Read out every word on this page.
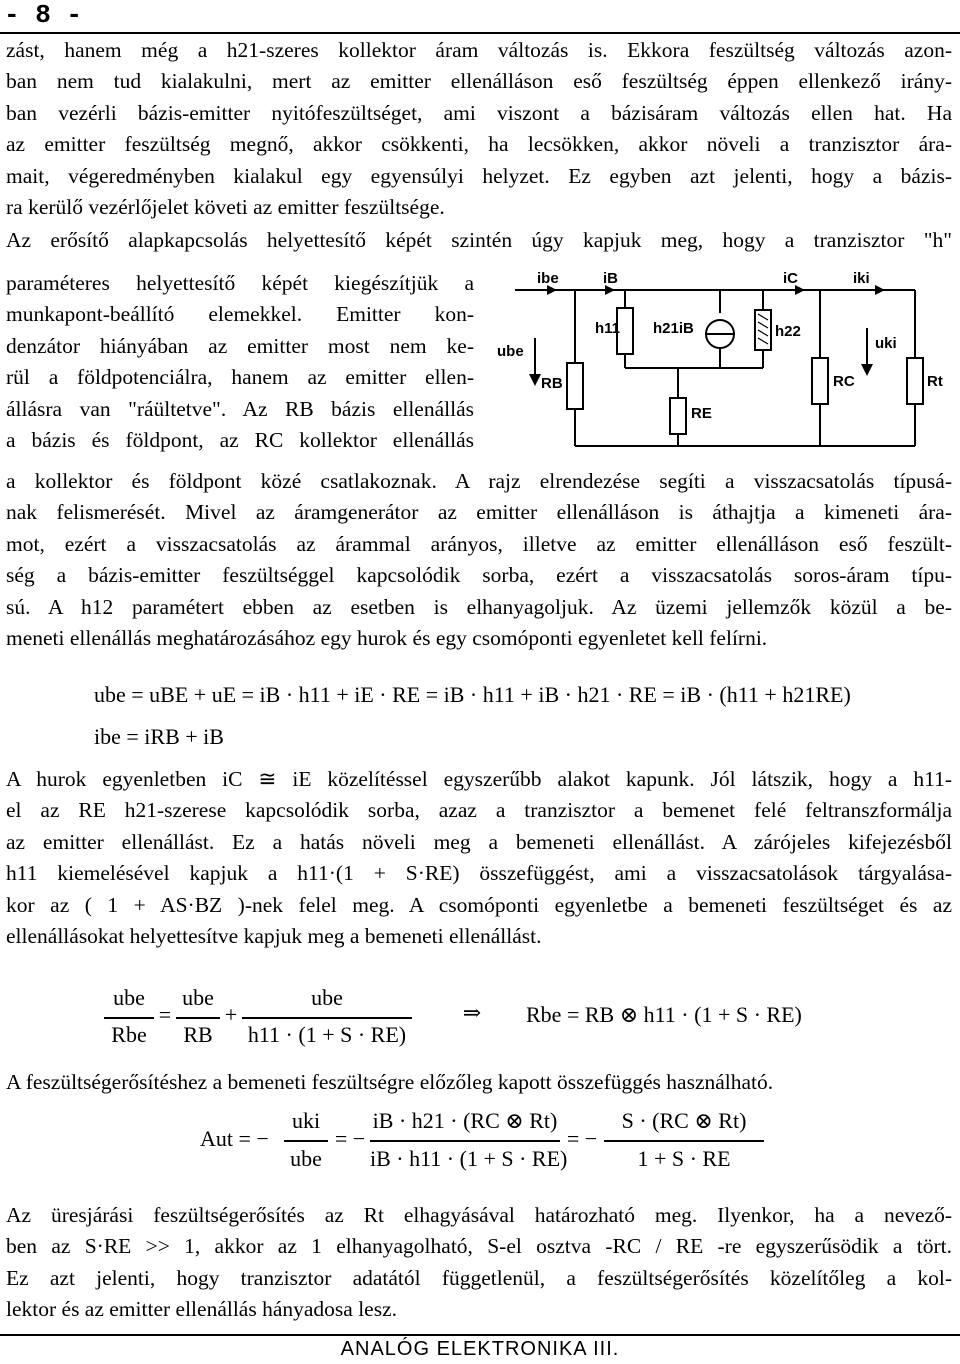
- 8 -
zást, hanem még a h21-szeres kollektor áram változás is. Ekkora feszültség változás azon-
ban nem tud kialakulni, mert az emitter ellenálláson eső feszültség éppen ellenkező irány-
ban vezérli bázis-emitter nyitófeszültséget, ami viszont a bázisáram változás ellen hat. Ha
az emitter feszültség megnő, akkor csökkenti, ha lecsökken, akkor növeli a tranzisztor ára-
mait, végeredményben kialakul egy egyensúlyi helyzet. Ez egyben azt jelenti, hogy a bázis-
ra kerülő vezérlőjelet követi az emitter feszültsége.
Az erősítő alapkapcsolás helyettesítő képét szintén úgy kapjuk meg, hogy a tranzisztor "h"
paraméteres helyettesítő képét kiegészítjük a
munkapont-beállító elemekkel. Emitter kon-
denzátor hiányában az emitter most nem ke-
rül a földpotenciálra, hanem az emitter ellen-
állásra van "ráültetve". Az RB bázis ellenállás
a bázis és földpont, az RC kollektor ellenállás
ibe	iB	iC	iki
h11 h21iB	h22
ube	uki
RB	RC	Rt
RE
a kollektor és földpont közé csatlakoznak. A rajz elrendezése segíti a visszacsatolás típusá-
nak felismerését. Mivel az áramgenerátor az emitter ellenálláson is áthajtja a kimeneti ára-
mot, ezért a visszacsatolás az árammal arányos, illetve az emitter ellenálláson eső feszült-
ség a bázis-emitter feszültséggel kapcsolódik sorba, ezért a visszacsatolás soros-áram típu-
sú. A h12 paramétert ebben az esetben is elhanyagoljuk. Az üzemi jellemzők közül a be-
meneti ellenállás meghatározásához egy hurok és egy csomóponti egyenletet kell felírni.
ube = uBE + uE = iB · h11 + iE · RE = iB · h11 + iB · h21 · RE = iB · (h11 + h21RE)
ibe = iRB + iB
A hurok egyenletben iC ≅ iE közelítéssel egyszerűbb alakot kapunk. Jól látszik, hogy a h11-
el az RE h21-szerese kapcsolódik sorba, azaz a tranzisztor a bemenet felé feltranszformálja
az emitter ellenállást. Ez a hatás növeli meg a bemeneti ellenállást. A zárójeles kifejezésből
h11 kiemelésével kapjuk a h11·(1 + S·RE) összefüggést, ami a visszacsatolások tárgyalása-
kor az ( 1 + AS·BZ )-nek felel meg. A csomóponti egyenletbe a bemeneti feszültséget és az
ellenállásokat helyettesítve kapjuk meg a bemeneti ellenállást.
ube
Rbe
=
ube
RB
+
ube
h11 · (1 + S · RE)
⇒	Rbe = RB ⊗ h11 · (1 + S · RE)
A feszültségerősítéshez a bemeneti feszültségre előzőleg kapott összefüggés használható.
Aut = −
uki
ube
= −
iB · h21 · (RC ⊗ Rt)
iB · h11 · (1 + S · RE)
= −
S · (RC ⊗ Rt)
1 + S · RE
Az üresjárási feszültségerősítés az Rt elhagyásával határozható meg. Ilyenkor, ha a nevező-
ben az S·RE >> 1, akkor az 1 elhanyagolható, S-el osztva -RC / RE -re egyszerűsödik a tört.
Ez azt jelenti, hogy tranzisztor adatától függetlenül, a feszültségerősítés közelítőleg a kol-
lektor és az emitter ellenállás hányadosa lesz.
ANALÓG ELEKTRONIKA III.
